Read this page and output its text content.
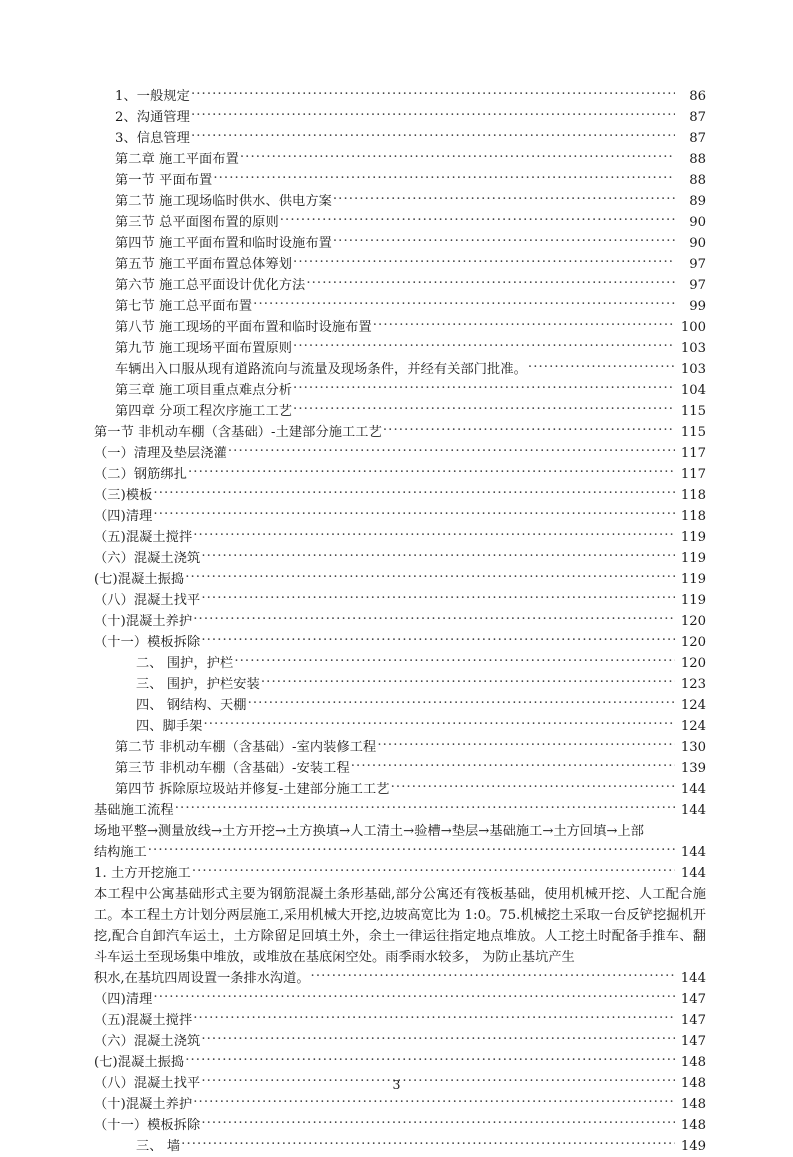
1、一般规定 .....	86
2、沟通管理 .....	87
3、信息管理 .....	87
第二章 施工平面布置 .....	88
第一节 平面布置 .....	88
第二节 施工现场临时供水、供电方案 .....	89
第三节 总平面图布置的原则 .....	90
第四节 施工平面布置和临时设施布置 .....	90
第五节 施工平面布置总体筹划 .....	97
第六节 施工总平面设计优化方法 .....	97
第七节 施工总平面布置 .....	99
第八节 施工现场的平面布置和临时设施布置 .....	100
第九节 施工现场平面布置原则 .....	103
车辆出入口服从现有道路流向与流量及现场条件，并经有关部门批准。 .....	103
第三章 施工项目重点难点分析 .....	104
第四章 分项工程次序施工工艺 .....	115
第一节 非机动车棚（含基础）-土建部分施工工艺 .....	115
（一）清理及垫层浇灌 .....	117
（二）钢筋绑扎 .....	117
（三)模板 .....	118
（四)清理 .....	118
（五)混凝土搅拌 .....	119
（六）混凝土浇筑 .....	119
(七)混凝土振捣 .....	119
（八）混凝土找平 .....	119
（十)混凝土养护 .....	120
（十一）模板拆除 .....	120
二、 围护，护栏 .....	120
三、 围护，护栏安装 .....	123
四、 钢结构、天棚 .....	124
四、脚手架 .....	124
第二节 非机动车棚（含基础）-室内装修工程 .....	130
第三节 非机动车棚（含基础）-安装工程 .....	139
第四节 拆除原垃圾站并修复-土建部分施工工艺 .....	144
基础施工流程 .....	144
场地平整→测量放线→土方开挖→土方换填→人工清土→验槽→垫层→基础施工→土方回填→上部
结构施工 .....	144
1. 土方开挖施工 .....	144
本工程中公寓基础形式主要为钢筋混凝土条形基础,部分公寓还有筏板基础，使用机械开挖、人工配合施工。本工程土方计划分两层施工,采用机械大开挖,边坡高宽比为 1:0。75.机械挖土采取一台反铲挖掘机开挖,配合自卸汽车运土，土方除留足回填土外，余土一律运往指定地点堆放。人工挖土时配备手推车、翻斗车运土至现场集中堆放，或堆放在基底闲空处。雨季雨水较多， 为防止基坑产生
积水,在基坑四周设置一条排水沟道。 .....	144
（四)清理 .....	147
（五)混凝土搅拌 .....	147
（六）混凝土浇筑 .....	147
(七)混凝土振捣 .....	148
（八）混凝土找平 .....	148
（十)混凝土养护 .....	148
（十一）模板拆除 .....	148
三、 墙 .....	149
3
